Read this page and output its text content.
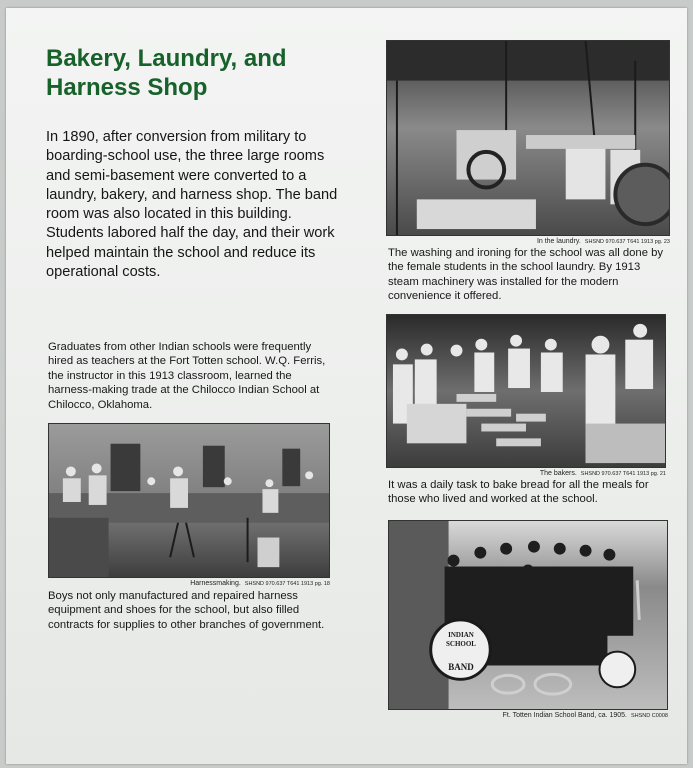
Bakery, Laundry, and Harness Shop

In 1890, after conversion from military to boarding-school use, the three large rooms and semi-basement were converted to a laundry, bakery, and harness shop. The band room was also located in this building. Students labored half the day, and their work helped maintain the school and reduce its operational costs.

Graduates from other Indian schools were frequently hired as teachers at the Fort Totten school. W.Q. Ferris, the instructor in this 1913 classroom, learned the harness-making trade at the Chilocco Indian School at Chilocco, Oklahoma.

In the laundry. SHSND 970.637 T641 1913 pg. 23

The washing and ironing for the school was all done by the female students in the school laundry. By 1913 steam machinery was installed for the modern convenience it offered.

The bakers. SHSND 970.637 T641 1913 pg. 21

It was a daily task to bake bread for all the meals for those who lived and worked at the school.

Harnessmaking. SHSND 970.637 T641 1913 pg. 18

Boys not only manufactured and repaired harness equipment and shoes for the school, but also filled contracts for supplies to other branches of government.

INDIAN SCHOOL
BAND
Ft. Totten Indian School Band, ca. 1905. SHSND C0008
